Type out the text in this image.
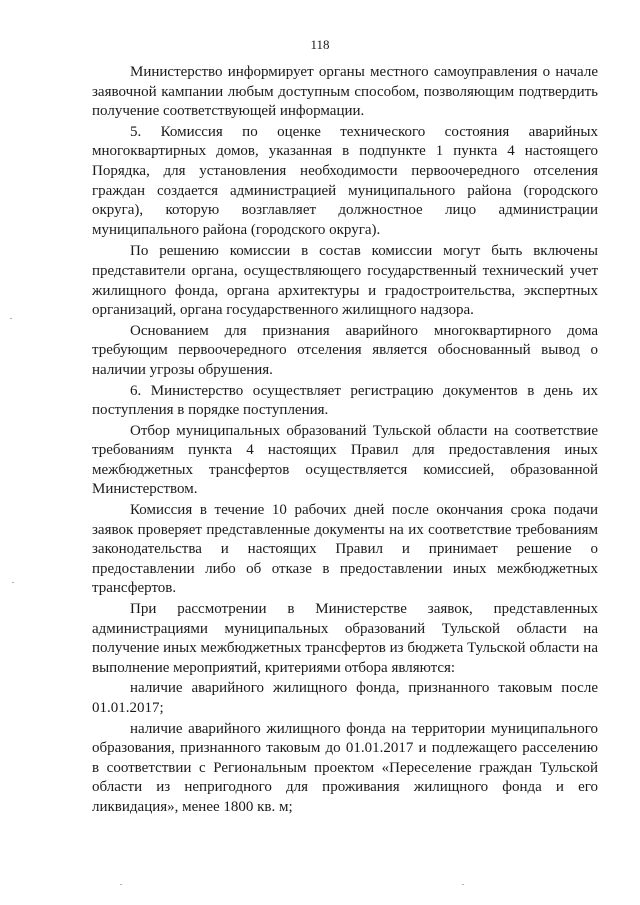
118

Министерство информирует органы местного самоуправления о начале заявочной кампании любым доступным способом, позволяющим подтвердить получение соответствующей информации.

5. Комиссия по оценке технического состояния аварийных многоквартирных домов, указанная в подпункте 1 пункта 4 настоящего Порядка, для установления необходимости первоочередного отселения граждан создается администрацией муниципального района (городского округа), которую возглавляет должностное лицо администрации муниципального района (городского округа).

По решению комиссии в состав комиссии могут быть включены представители органа, осуществляющего государственный технический учет жилищного фонда, органа архитектуры и градостроительства, экспертных организаций, органа государственного жилищного надзора.

Основанием для признания аварийного многоквартирного дома требующим первоочередного отселения является обоснованный вывод о наличии угрозы обрушения.

6. Министерство осуществляет регистрацию документов в день их поступления в порядке поступления.

Отбор муниципальных образований Тульской области на соответствие требованиям пункта 4 настоящих Правил для предоставления иных межбюджетных трансфертов осуществляется комиссией, образованной Министерством.

Комиссия в течение 10 рабочих дней после окончания срока подачи заявок проверяет представленные документы на их соответствие требованиям законодательства и настоящих Правил и принимает решение о предоставлении либо об отказе в предоставлении иных межбюджетных трансфертов.

При рассмотрении в Министерстве заявок, представленных администрациями муниципальных образований Тульской области на получение иных межбюджетных трансфертов из бюджета Тульской области на выполнение мероприятий, критериями отбора являются:

наличие аварийного жилищного фонда, признанного таковым после 01.01.2017;

наличие аварийного жилищного фонда на территории муниципального образования, признанного таковым до 01.01.2017 и подлежащего расселению в соответствии с Региональным проектом «Переселение граждан Тульской области из непригодного для проживания жилищного фонда и его ликвидация», менее 1800 кв. м;
